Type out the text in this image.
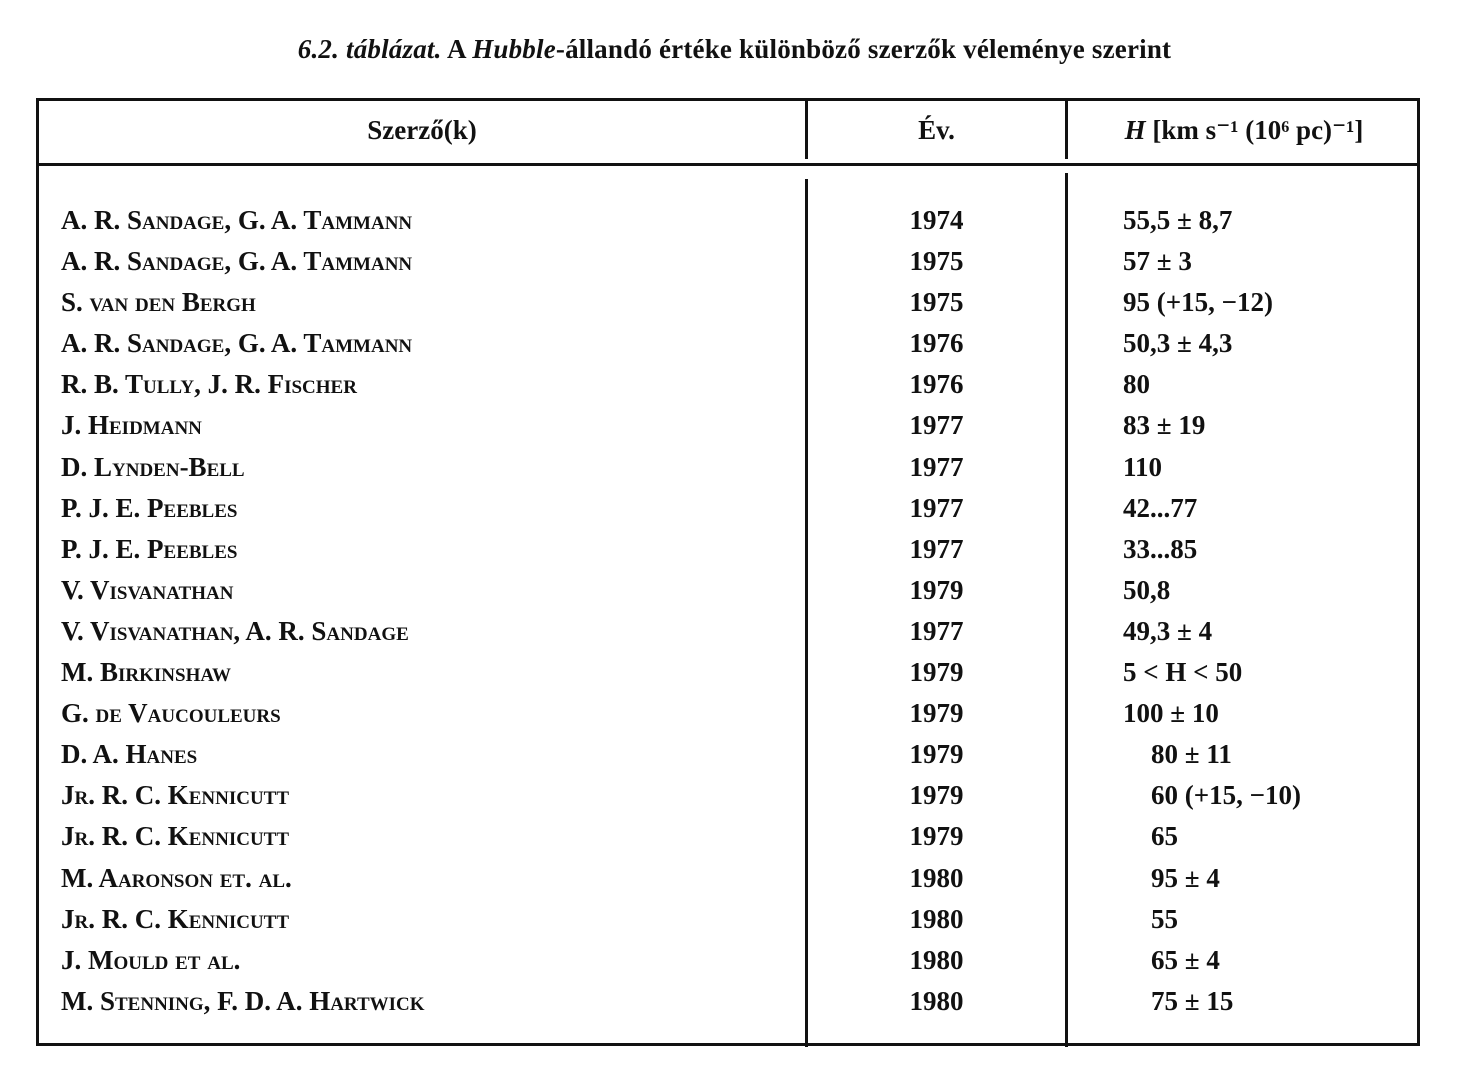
6.2. táblázat. A Hubble-állandó értéke különböző szerzők véleménye szerint
Szerző(k)	Év.	H [km s⁻¹ (10⁶ pc)⁻¹]
A. R. Sandage, G. A. Tammann	1974	55,5 ± 8,7
A. R. Sandage, G. A. Tammann	1975	57 ± 3
S. van den Bergh	1975	95 (+15, −12)
A. R. Sandage, G. A. Tammann	1976	50,3 ± 4,3
R. B. Tully, J. R. Fischer	1976	80
J. Heidmann	1977	83 ± 19
D. Lynden-Bell	1977	110
P. J. E. Peebles	1977	42...77
P. J. E. Peebles	1977	33...85
V. Visvanathan	1979	50,8
V. Visvanathan, A. R. Sandage	1977	49,3 ± 4
M. Birkinshaw	1979	5 < H < 50
G. de Vaucouleurs	1979	100 ± 10
D. A. Hanes	1979	80 ± 11
Jr. R. C. Kennicutt	1979	60 (+15, −10)
Jr. R. C. Kennicutt	1979	65
M. Aaronson et. al.	1980	95 ± 4
Jr. R. C. Kennicutt	1980	55
J. Mould et al.	1980	65 ± 4
M. Stenning, F. D. A. Hartwick	1980	75 ± 15
